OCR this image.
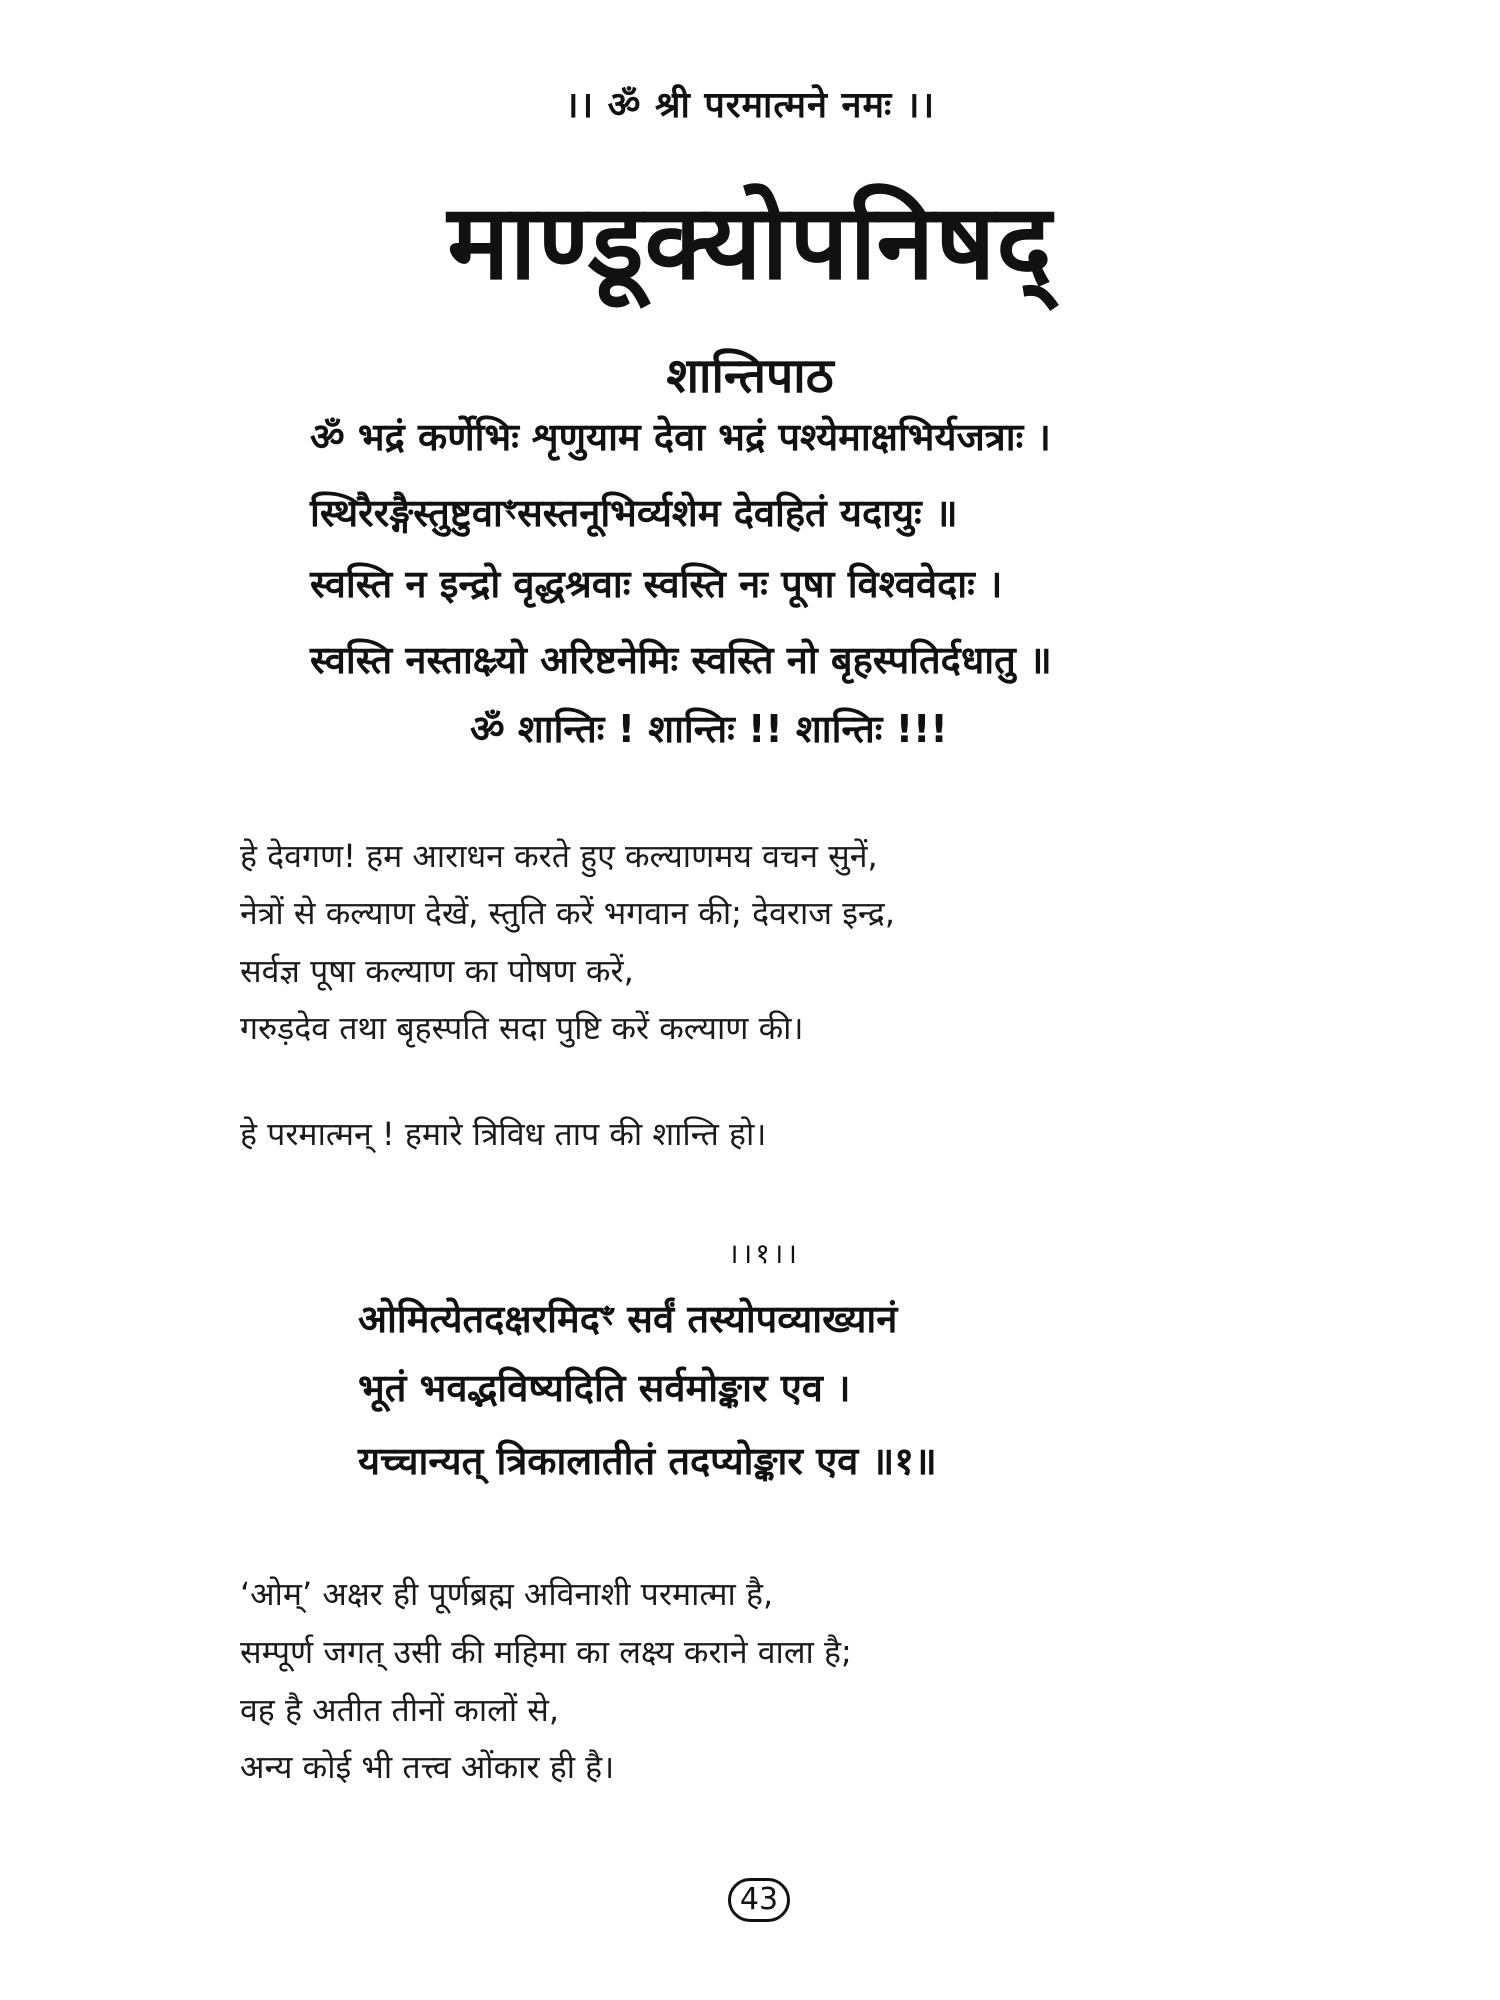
।। ॐ श्री परमात्मने नमः ।।
माण्डूक्योपनिषद्
शान्तिपाठ
ॐ भद्रं कर्णेभिः शृणुयाम देवा भद्रं पश्येमाक्षभिर्यजत्राः ।
स्थिरैरङ्गैस्तुष्टुवाꣳसस्तनूभिर्व्यशेम देवहितं यदायुः ॥
स्वस्ति न इन्द्रो वृद्धश्रवाः स्वस्ति नः पूषा विश्ववेदाः ।
स्वस्ति नस्ताक्ष्र्यो अरिष्टनेमिः स्वस्ति नो बृहस्पतिर्दधातु ॥
ॐ शान्तिः ! शान्तिः !! शान्तिः !!!
हे देवगण! हम आराधन करते हुए कल्याणमय वचन सुनें,
नेत्रों से कल्याण देखें, स्तुति करें भगवान की; देवराज इन्द्र,
सर्वज्ञ पूषा कल्याण का पोषण करें,
गरुड़देव तथा बृहस्पति सदा पुष्टि करें कल्याण की।
हे परमात्मन् ! हमारे त्रिविध ताप की शान्ति हो।
।।१।।
ओमित्येतदक्षरमिदꣳ सर्वं तस्योपव्याख्यानं
भूतं भवद्भविष्यदिति सर्वमोङ्कार एव ।
यच्चान्यत् त्रिकालातीतं तदप्योङ्कार एव ॥१॥
‘ओम्’ अक्षर ही पूर्णब्रह्म अविनाशी परमात्मा है,
सम्पूर्ण जगत् उसी की महिमा का लक्ष्य कराने वाला है;
वह है अतीत तीनों कालों से,
अन्य कोई भी तत्त्व ओंकार ही है।
43
